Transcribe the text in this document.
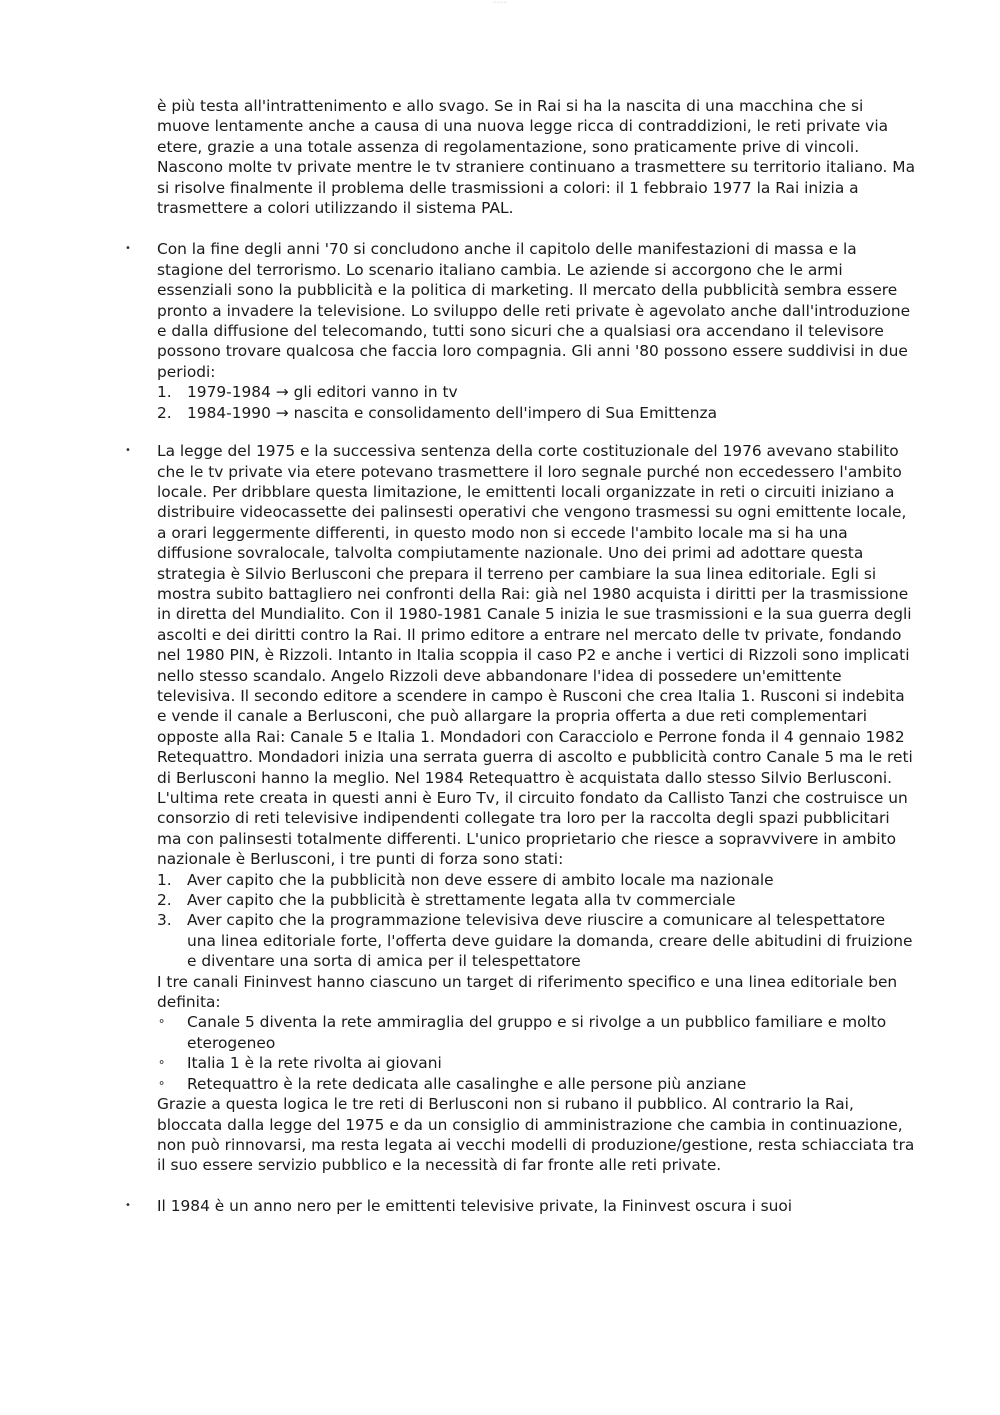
••••••••

è più testa all'intrattenimento e allo svago. Se in Rai si ha la nascita di una macchina che si muove lentamente anche a causa di una nuova legge ricca di contraddizioni, le reti private via etere, grazie a una totale assenza di regolamentazione, sono praticamente prive di vincoli. Nascono molte tv private mentre le tv straniere continuano a trasmettere su territorio italiano. Ma si risolve finalmente il problema delle trasmissioni a colori: il 1 febbraio 1977 la Rai inizia a trasmettere a colori utilizzando il sistema PAL.

• Con la fine degli anni '70 si concludono anche il capitolo delle manifestazioni di massa e la stagione del terrorismo. Lo scenario italiano cambia. Le aziende si accorgono che le armi essenziali sono la pubblicità e la politica di marketing. Il mercato della pubblicità sembra essere pronto a invadere la televisione. Lo sviluppo delle reti private è agevolato anche dall'introduzione e dalla diffusione del telecomando, tutti sono sicuri che a qualsiasi ora accendano il televisore possono trovare qualcosa che faccia loro compagnia. Gli anni '80 possono essere suddivisi in due periodi:

1. 1979-1984 → gli editori vanno in tv
2. 1984-1990 → nascita e consolidamento dell'impero di Sua Emittenza
• La legge del 1975 e la successiva sentenza della corte costituzionale del 1976 avevano stabilito che le tv private via etere potevano trasmettere il loro segnale purché non eccedessero l'ambito locale. Per dribblare questa limitazione, le emittenti locali organizzate in reti o circuiti iniziano a distribuire videocassette dei palinsesti operativi che vengono trasmessi su ogni emittente locale, a orari leggermente differenti, in questo modo non si eccede l'ambito locale ma si ha una diffusione sovralocale, talvolta compiutamente nazionale. Uno dei primi ad adottare questa strategia è Silvio Berlusconi che prepara il terreno per cambiare la sua linea editoriale. Egli si mostra subito battagliero nei confronti della Rai: già nel 1980 acquista i diritti per la trasmissione in diretta del Mundialito. Con il 1980-1981 Canale 5 inizia le sue trasmissioni e la sua guerra degli ascolti e dei diritti contro la Rai. Il primo editore a entrare nel mercato delle tv private, fondando nel 1980 PIN, è Rizzoli. Intanto in Italia scoppia il caso P2 e anche i vertici di Rizzoli sono implicati nello stesso scandalo. Angelo Rizzoli deve abbandonare l'idea di possedere un'emittente televisiva. Il secondo editore a scendere in campo è Rusconi che crea Italia 1. Rusconi si indebita e vende il canale a Berlusconi, che può allargare la propria offerta a due reti complementari opposte alla Rai: Canale 5 e Italia 1. Mondadori con Caracciolo e Perrone fonda il 4 gennaio 1982 Retequattro. Mondadori inizia una serrata guerra di ascolto e pubblicità contro Canale 5 ma le reti di Berlusconi hanno la meglio. Nel 1984 Retequattro è acquistata dallo stesso Silvio Berlusconi. L'ultima rete creata in questi anni è Euro Tv, il circuito fondato da Callisto Tanzi che costruisce un consorzio di reti televisive indipendenti collegate tra loro per la raccolta degli spazi pubblicitari ma con palinsesti totalmente differenti. L'unico proprietario che riesce a sopravvivere in ambito nazionale è Berlusconi, i tre punti di forza sono stati:

1. Aver capito che la pubblicità non deve essere di ambito locale ma nazionale
2. Aver capito che la pubblicità è strettamente legata alla tv commerciale
3. Aver capito che la programmazione televisiva deve riuscire a comunicare al telespettatore una linea editoriale forte, l'offerta deve guidare la domanda, creare delle abitudini di fruizione e diventare una sorta di amica per il telespettatore

I tre canali Fininvest hanno ciascuno un target di riferimento specifico e una linea editoriale ben definita:

⚬ Canale 5 diventa la rete ammiraglia del gruppo e si rivolge a un pubblico familiare e molto eterogeneo
⚬ Italia 1 è la rete rivolta ai giovani
⚬ Retequattro è la rete dedicata alle casalinghe e alle persone più anziane

Grazie a questa logica le tre reti di Berlusconi non si rubano il pubblico. Al contrario la Rai, bloccata dalla legge del 1975 e da un consiglio di amministrazione che cambia in continuazione, non può rinnovarsi, ma resta legata ai vecchi modelli di produzione/gestione, resta schiacciata tra il suo essere servizio pubblico e la necessità di far fronte alle reti private.

• Il 1984 è un anno nero per le emittenti televisive private, la Fininvest oscura i suoi
